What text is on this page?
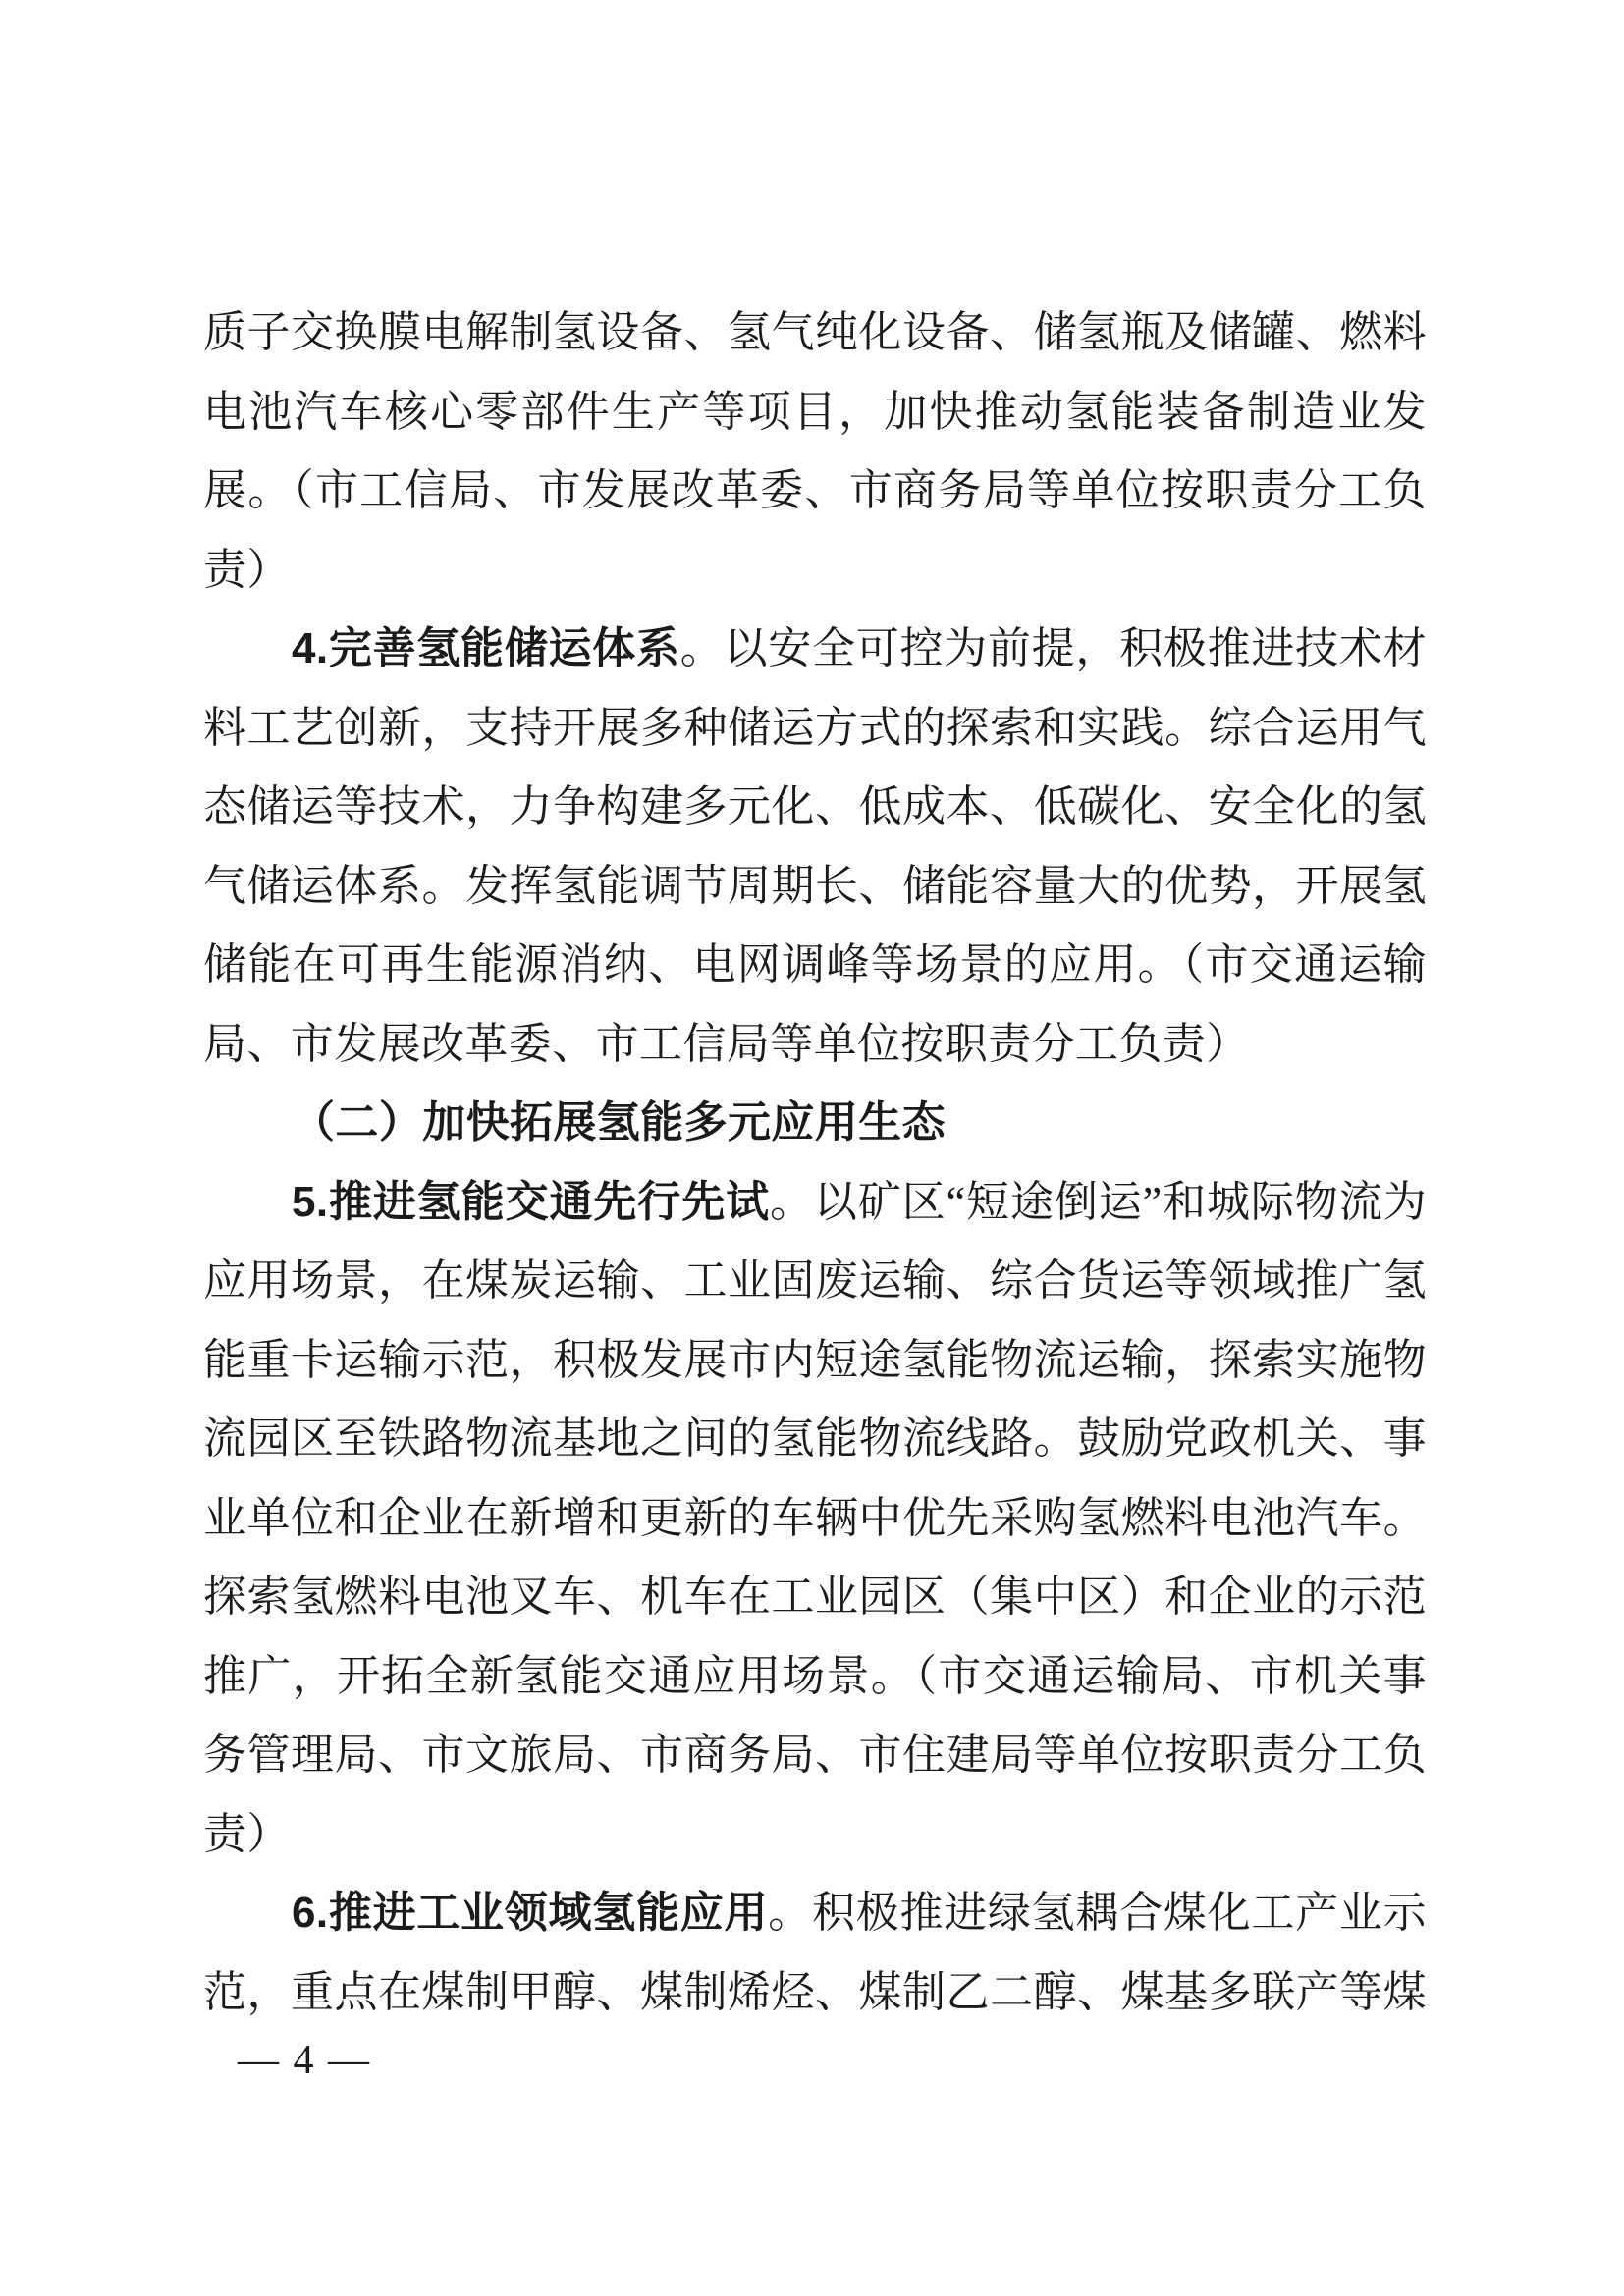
质子交换膜电解制氢设备、氢气纯化设备、储氢瓶及储罐、燃料
电池汽车核心零部件生产等项目，加快推动氢能装备制造业发
展。（市工信局、市发展改革委、市商务局等单位按职责分工负
责）
4.完善氢能储运体系。以安全可控为前提，积极推进技术材
料工艺创新，支持开展多种储运方式的探索和实践。综合运用气
态储运等技术，力争构建多元化、低成本、低碳化、安全化的氢
气储运体系。发挥氢能调节周期长、储能容量大的优势，开展氢
储能在可再生能源消纳、电网调峰等场景的应用。（市交通运输
局、市发展改革委、市工信局等单位按职责分工负责）
（二）加快拓展氢能多元应用生态
5.推进氢能交通先行先试。以矿区“短途倒运”和城际物流为
应用场景，在煤炭运输、工业固废运输、综合货运等领域推广氢
能重卡运输示范，积极发展市内短途氢能物流运输，探索实施物
流园区至铁路物流基地之间的氢能物流线路。鼓励党政机关、事
业单位和企业在新增和更新的车辆中优先采购氢燃料电池汽车。
探索氢燃料电池叉车、机车在工业园区（集中区）和企业的示范
推广，开拓全新氢能交通应用场景。（市交通运输局、市机关事
务管理局、市文旅局、市商务局、市住建局等单位按职责分工负
责）
6.推进工业领域氢能应用。积极推进绿氢耦合煤化工产业示
范，重点在煤制甲醇、煤制烯烃、煤制乙二醇、煤基多联产等煤
— 4 —
